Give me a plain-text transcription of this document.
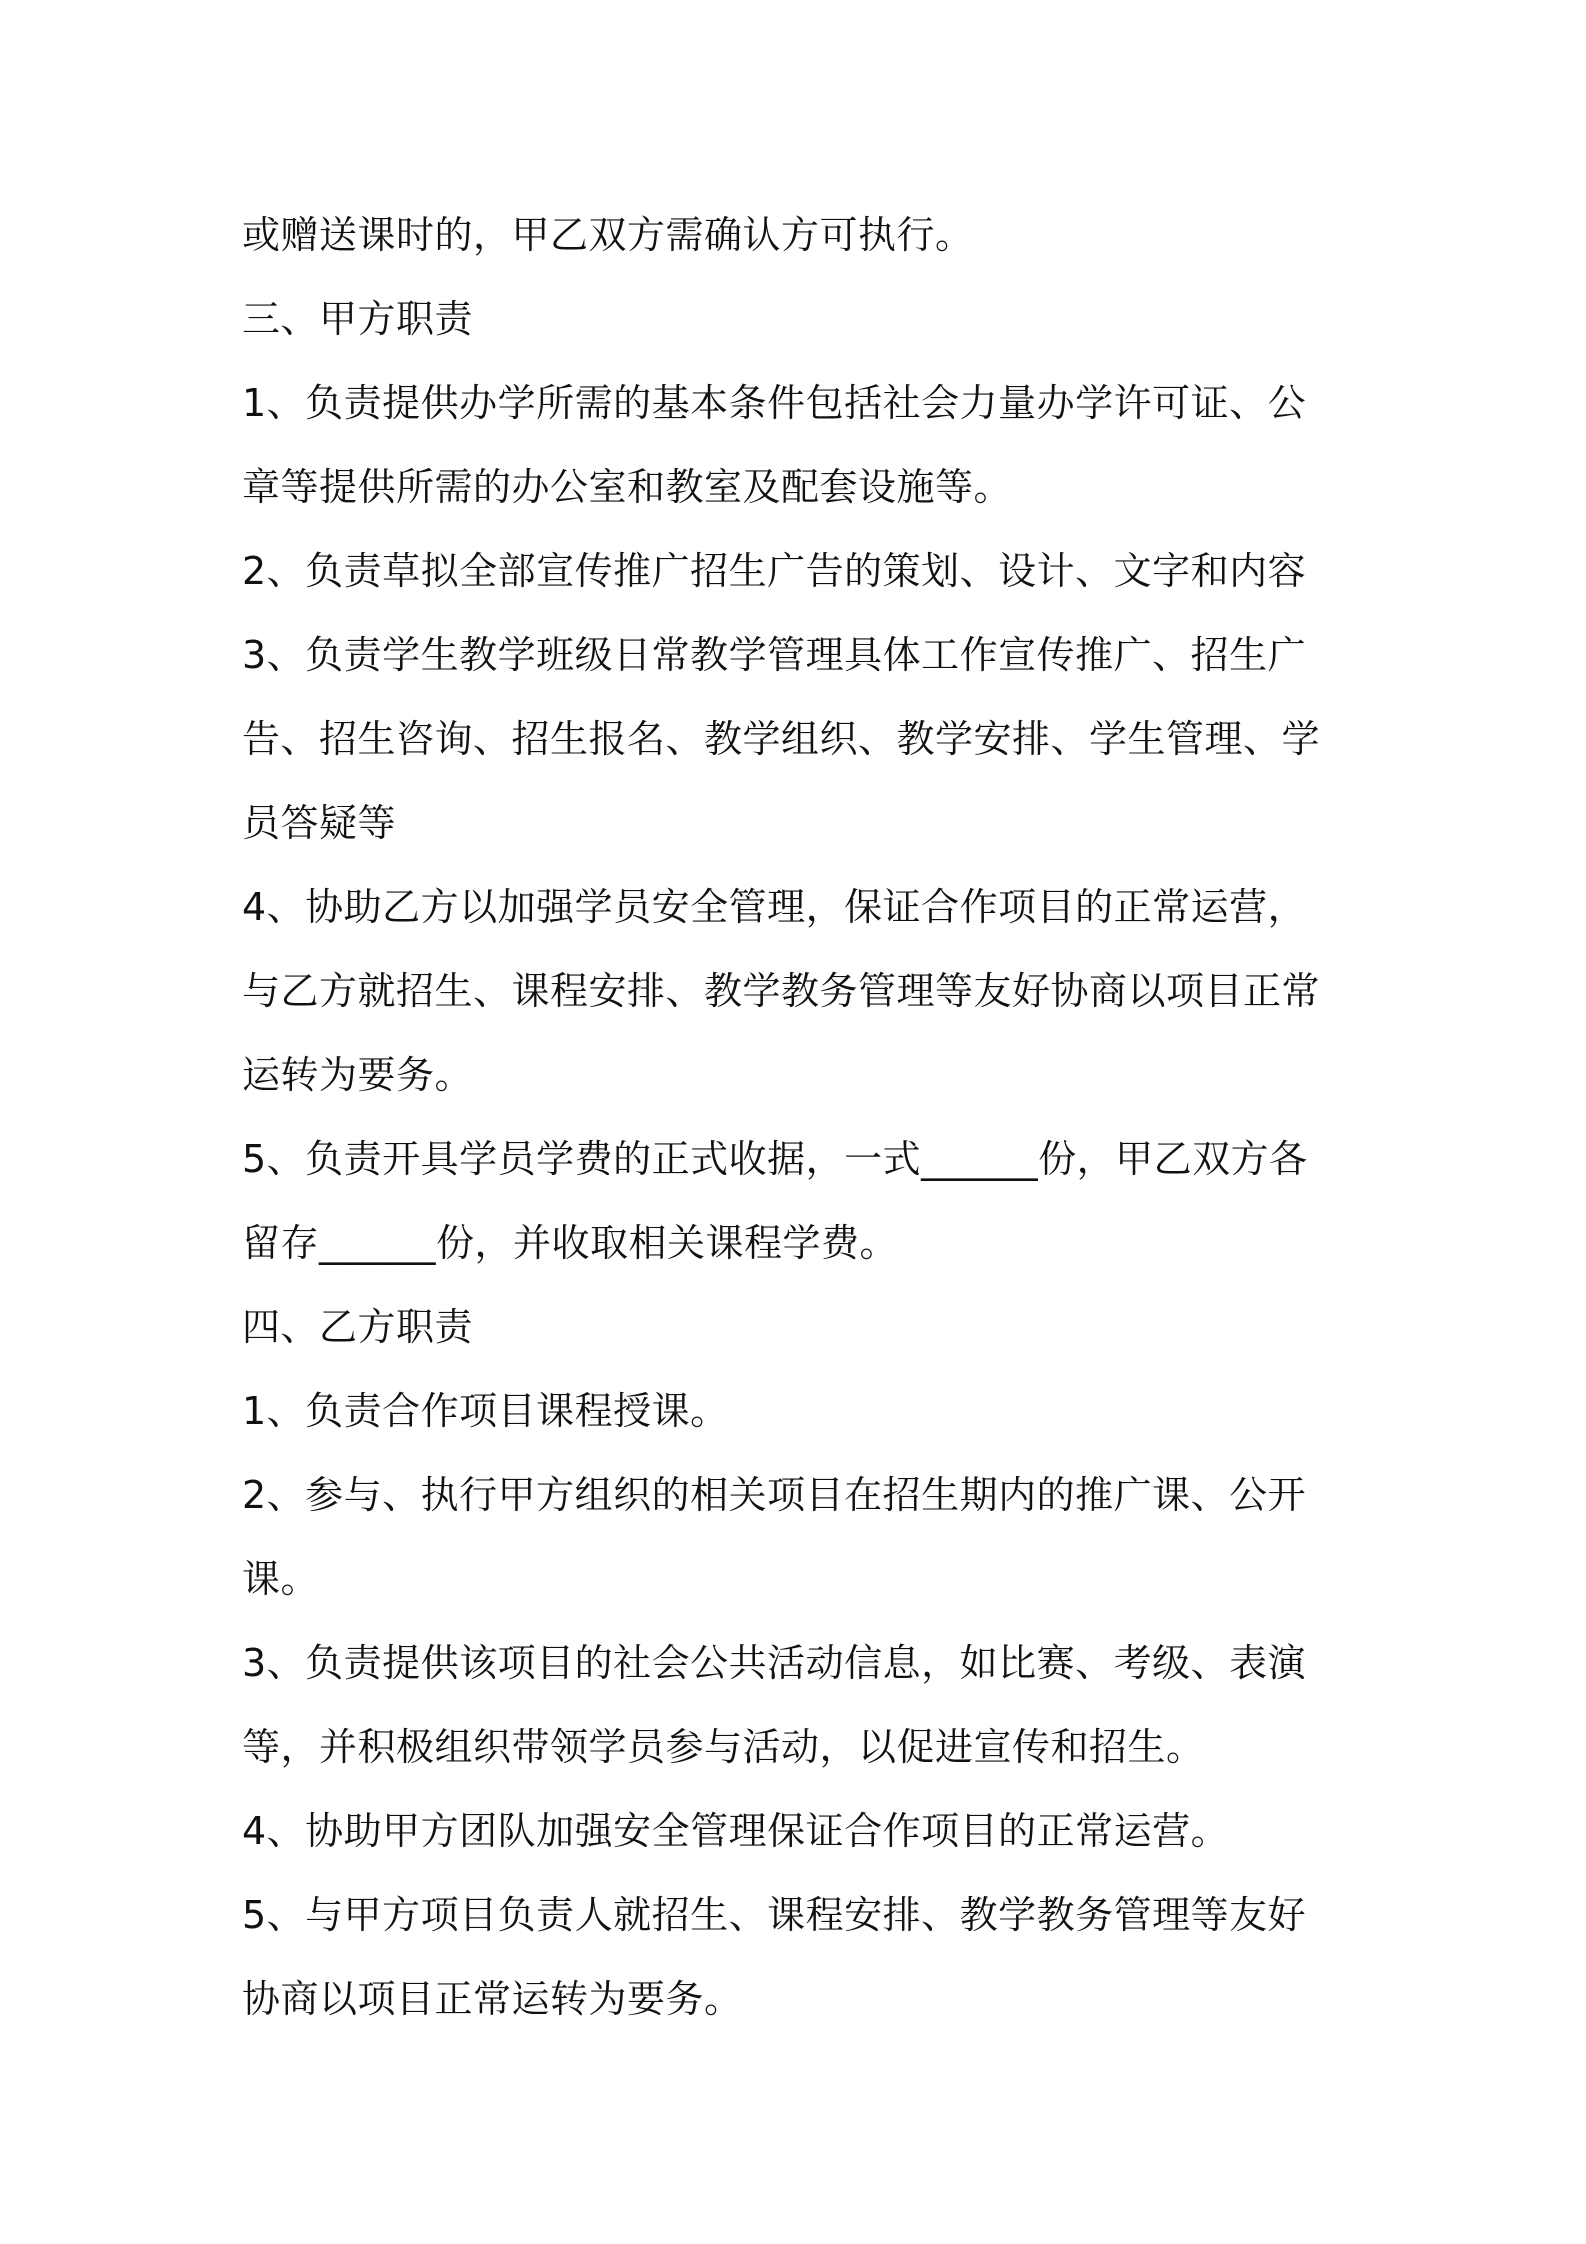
或赠送课时的，甲乙双方需确认方可执行。
三、甲方职责
1、负责提供办学所需的基本条件包括社会力量办学许可证、公
章等提供所需的办公室和教室及配套设施等。
2、负责草拟全部宣传推广招生广告的策划、设计、文字和内容
3、负责学生教学班级日常教学管理具体工作宣传推广、招生广
告、招生咨询、招生报名、教学组织、教学安排、学生管理、学
员答疑等
4、协助乙方以加强学员安全管理，保证合作项目的正常运营，
与乙方就招生、课程安排、教学教务管理等友好协商以项目正常
运转为要务。
5、负责开具学员学费的正式收据，一式______份，甲乙双方各
留存______份，并收取相关课程学费。
四、乙方职责
1、负责合作项目课程授课。
2、参与、执行甲方组织的相关项目在招生期内的推广课、公开
课。
3、负责提供该项目的社会公共活动信息，如比赛、考级、表演
等，并积极组织带领学员参与活动，以促进宣传和招生。
4、协助甲方团队加强安全管理保证合作项目的正常运营。
5、与甲方项目负责人就招生、课程安排、教学教务管理等友好
协商以项目正常运转为要务。
